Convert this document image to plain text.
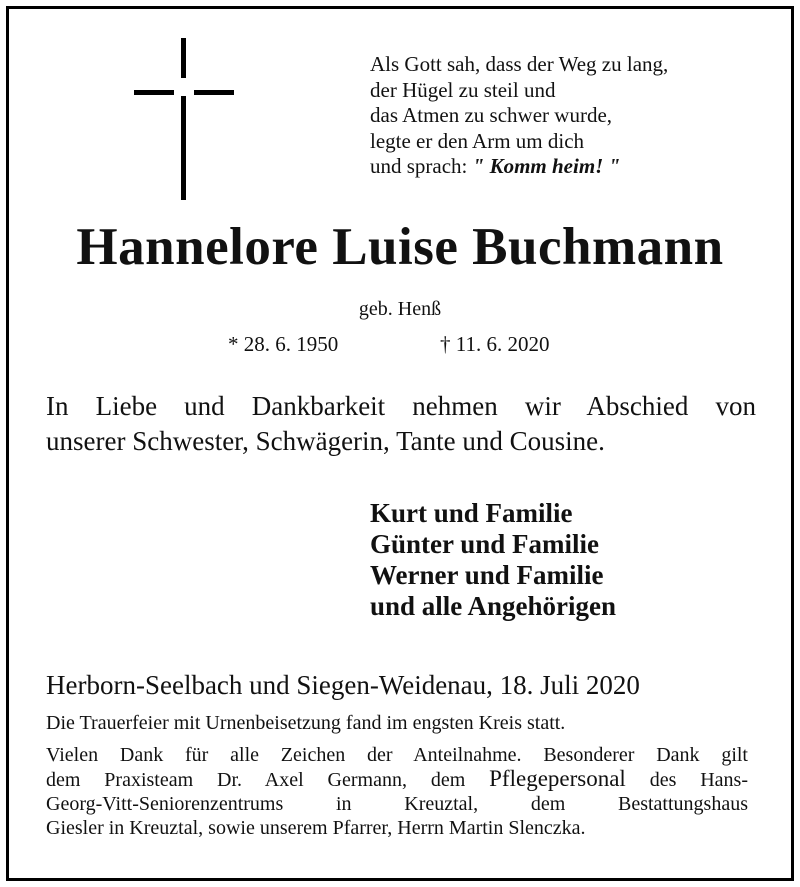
Als Gott sah, dass der Weg zu lang,
der Hügel zu steil und
das Atmen zu schwer wurde,
legte er den Arm um dich
und sprach: " Komm heim! "
Hannelore Luise Buchmann
geb. Henß
* 28. 6. 1950	† 11. 6. 2020
In Liebe und Dankbarkeit nehmen wir Abschied von
unserer Schwester, Schwägerin, Tante und Cousine.
Kurt und Familie
Günter und Familie
Werner und Familie
und alle Angehörigen
Herborn-Seelbach und Siegen-Weidenau, 18. Juli 2020
Die Trauerfeier mit Urnenbeisetzung fand im engsten Kreis statt.
Vielen Dank für alle Zeichen der Anteilnahme. Besonderer Dank gilt
dem Praxisteam Dr. Axel Germann, dem Pflegepersonal des Hans-
Georg-Vitt-Seniorenzentrums in Kreuztal, dem Bestattungshaus
Giesler in Kreuztal, sowie unserem Pfarrer, Herrn Martin Slenczka.
